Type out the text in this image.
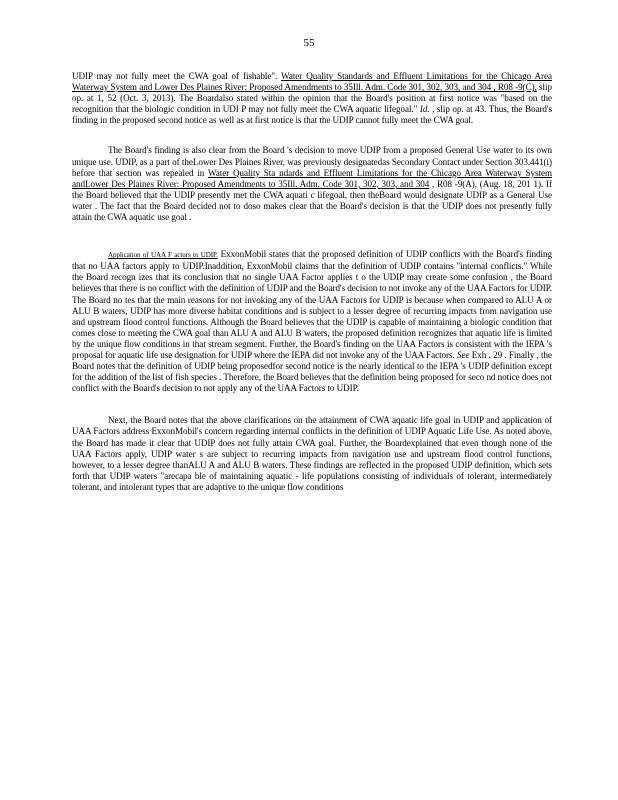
55

UDIP may not fully meet the CWA goal of fishable". Water Quality Standards and Effluent Limitations for the Chicago Area Waterway System and Lower Des Plaines River: Proposed Amendments to 35Ill. Adm. Code 301, 302, 303, and 304 , R08 -9(C), slip op. at 1, 52 (Oct. 3, 2013). The Boardalso stated within the opinion that the Board's position at first notice was "based on the recognition that the biologic condition in UDI P may not fully meet the CWA aquatic lifegoal." Id. , slip op. at 43. Thus, the Board's finding in the proposed second notice as well as at first notice is that the UDIP cannot fully meet the CWA goal.

The Board's finding is also clear from the Board 's decision to move UDIP from a proposed General Use water to its own unique use. UDIP, as a part of theLower Des Plaines River, was previously designatedas Secondary Contact under Section 303.441(i) before that section was repealed in Water Quality Sta ndards and Effluent Limitations for the Chicago Area Waterway System andLower Des Plaines River: Proposed Amendments to 35Ill. Adm. Code 301, 302, 303, and 304 , R08 -9(A), (Aug. 18, 201 1). If the Board believed that the UDIP presently met the CWA aquati c lifegoal, then theBoard would designate UDIP as a General Use water . The fact that the Board decided not to doso makes clear that the Board's decision is that the UDIP does not presently fully attain the CWA aquatic use goal .

Application of UAA F actors to UDIP. ExxonMobil states that the proposed definition of UDIP conflicts with the Board's finding that no UAA factors apply to UDIP.Inaddition, ExxonMobil claims that the definition of UDIP contains "internal conflicts." While the Board recogn izes that its conclusion that no single UAA Factor applies t o the UDIP may create some confusion , the Board believes that there is no conflict with the definition of UDIP and the Board's decision to not invoke any of the UAA Factors for UDIP. The Board no tes that the main reasons for not invoking any of the UAA Factors for UDIP is because when compared to ALU A or ALU B waters, UDIP has more diverse habitat conditions and is subject to a lesser degree of recurring impacts from navigation use and upstream flood control functions. Although the Board believes that the UDIP is capable of maintaining a biologic condition that comes close to meeting the CWA goal than ALU A and ALU B waters, the proposed definition recognizes that aquatic life is limited by the unique flow conditions in that stream segment. Further, the Board's finding on the UAA Factors is consistent with the IEPA 's proposal for aquatic life use designation for UDIP where the IEPA did not invoke any of the UAA Factors. See Exh . 29 . Finally , the Board notes that the definition of UDIP being proposedfor second notice is the nearly identical to the IEPA 's UDIP definition except for the addition of the list of fish species . Therefore, the Board believes that the definition being proposed for seco nd notice does not conflict with the Board's decision to not apply any of the UAA Factors to UDIP.

Next, the Board notes that the above clarifications on the attainment of CWA aquatic life goal in UDIP and application of UAA Factors address ExxonMobil's concern regarding internal conflicts in the definition of UDIP Aquatic Life Use. As noted above, the Board has made it clear that UDIP does not fully attain CWA goal. Further, the Boardexplained that even though none of the UAA Factors apply, UDIP water s are subject to recurring impacts from navigation use and upstream flood control functions, however, to a lesser degree thanALU A and ALU B waters. These findings are reflected in the proposed UDIP definition, which sets forth that UDIP waters "arecapa ble of maintaining aquatic - life populations consisting of individuals of tolerant, intermediately tolerant, and intolerant types that are adaptive to the unique flow conditions
